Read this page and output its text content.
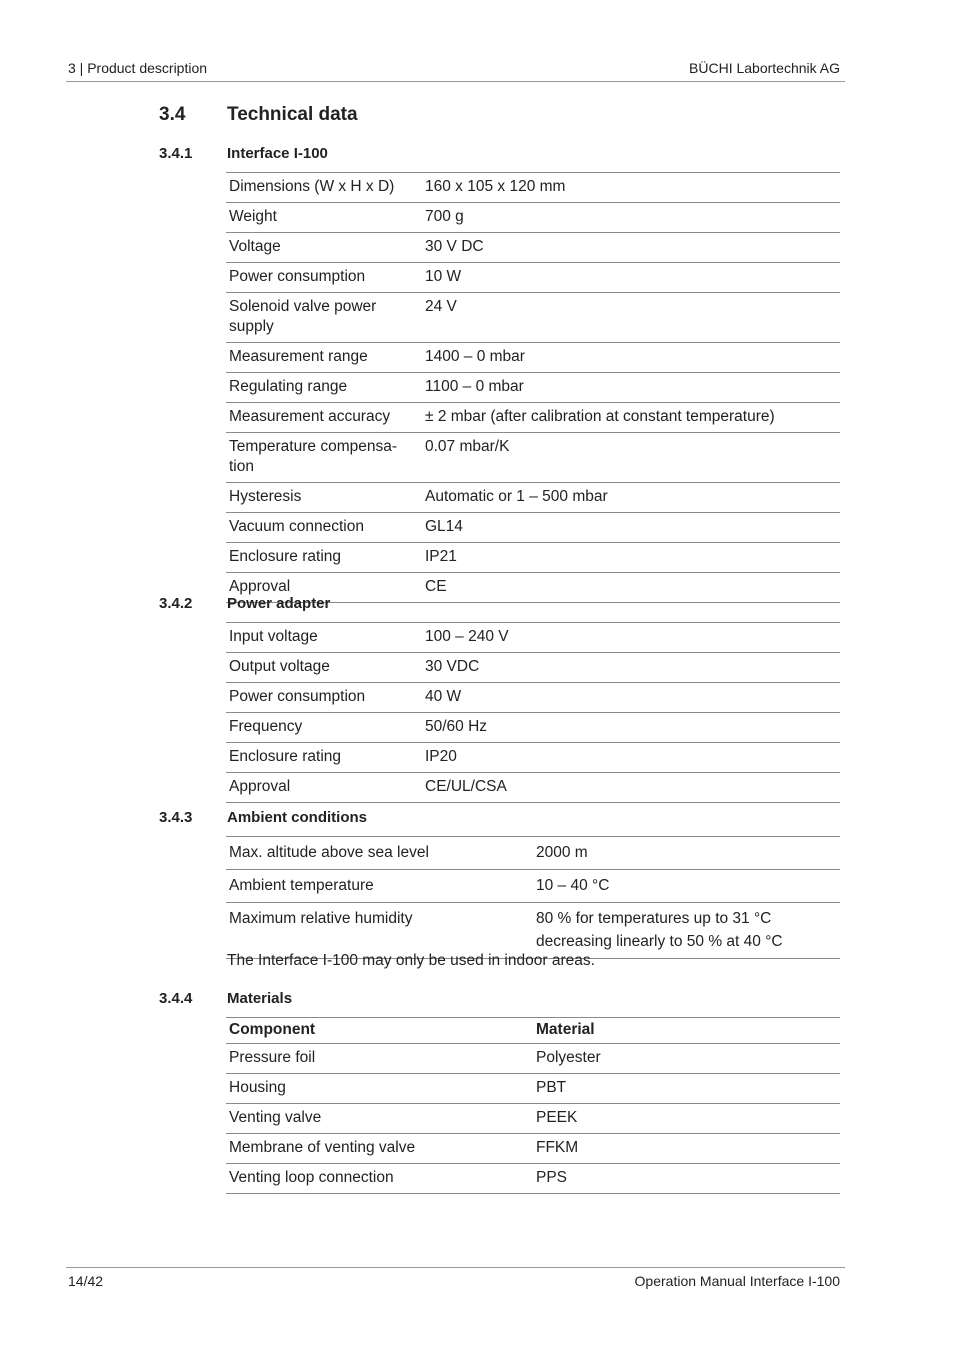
3 | Product description	BÜCHI Labortechnik AG
3.4 Technical data
3.4.1 Interface I-100
Dimensions (W x H x D)	160 x 105 x 120 mm
Weight	700 g
Voltage	30 V DC
Power consumption	10 W
Solenoid valve power supply	24 V
Measurement range	1400 – 0 mbar
Regulating range	1100 – 0 mbar
Measurement accuracy	± 2 mbar (after calibration at constant temperature)
Temperature compensa-tion	0.07 mbar/K
Hysteresis	Automatic or 1 – 500 mbar
Vacuum connection	GL14
Enclosure rating	IP21
Approval	CE
3.4.2 Power adapter
Input voltage	100 – 240 V
Output voltage	30 VDC
Power consumption	40 W
Frequency	50/60 Hz
Enclosure rating	IP20
Approval	CE/UL/CSA
3.4.3 Ambient conditions
Max. altitude above sea level	2000 m
Ambient temperature	10 – 40 °C
Maximum relative humidity	80 % for temperatures up to 31 °C decreasing linearly to 50 % at 40 °C
The Interface I-100 may only be used in indoor areas.
3.4.4 Materials
Component	Material
Pressure foil	Polyester
Housing	PBT
Venting valve	PEEK
Membrane of venting valve	FFKM
Venting loop connection	PPS
14/42	Operation Manual Interface I-100
